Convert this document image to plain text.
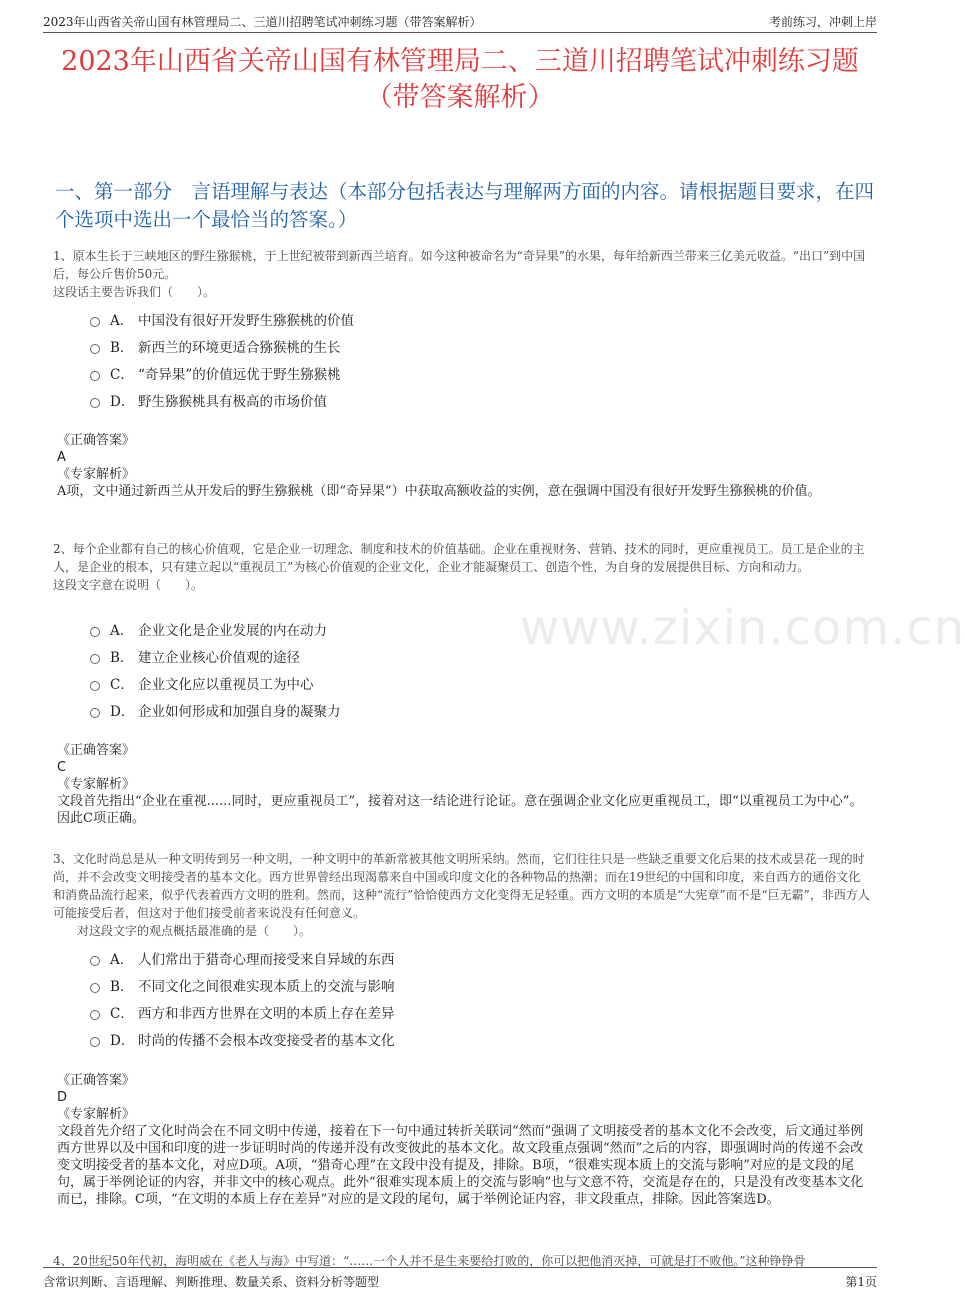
2023年山西省关帝山国有林管理局二、三道川招聘笔试冲刺练习题（带答案解析）	考前练习，冲刺上岸
2023年山西省关帝山国有林管理局二、三道川招聘笔试冲刺练习题（带答案解析）
一、第一部分　言语理解与表达（本部分包括表达与理解两方面的内容。请根据题目要求，在四个选项中选出一个最恰当的答案。）
www.zixin.com.cn
1、原本生长于三峡地区的野生猕猴桃，于上世纪被带到新西兰培育。如今这种被命名为“奇异果”的水果，每年给新西兰带来三亿美元收益。“出口”到中国后，每公斤售价50元。
这段话主要告诉我们（　　）。
A． 中国没有很好开发野生猕猴桃的价值
B． 新西兰的环境更适合猕猴桃的生长
C． “奇异果”的价值远优于野生猕猴桃
D． 野生猕猴桃具有极高的市场价值
《正确答案》
A
《专家解析》
A项，文中通过新西兰从开发后的野生猕猴桃（即“奇异果”）中获取高额收益的实例，意在强调中国没有很好开发野生猕猴桃的价值。
2、每个企业都有自己的核心价值观，它是企业一切理念、制度和技术的价值基础。企业在重视财务、营销、技术的同时，更应重视员工。员工是企业的主人，是企业的根本，只有建立起以“重视员工”为核心价值观的企业文化，企业才能凝聚员工、创造个性，为自身的发展提供目标、方向和动力。
这段文字意在说明（　　）。
A． 企业文化是企业发展的内在动力
B． 建立企业核心价值观的途径
C． 企业文化应以重视员工为中心
D． 企业如何形成和加强自身的凝聚力
《正确答案》
C
《专家解析》
文段首先指出“企业在重视......同时，更应重视员工”，接着对这一结论进行论证。意在强调企业文化应更重视员工，即“以重视员工为中心”。因此C项正确。
3、文化时尚总是从一种文明传到另一种文明，一种文明中的革新常被其他文明所采纳。然而，它们往往只是一些缺乏重要文化后果的技术或昙花一现的时尚，并不会改变文明接受者的基本文化。西方世界曾经出现渴慕来自中国或印度文化的各种物品的热潮；而在19世纪的中国和印度，来自西方的通俗文化和消费品流行起来，似乎代表着西方文明的胜利。然而，这种“流行”恰恰使西方文化变得无足轻重。西方文明的本质是“大宪章”而不是“巨无霸”，非西方人可能接受后者，但这对于他们接受前者来说没有任何意义。
对这段文字的观点概括最准确的是（　　）。
A． 人们常出于猎奇心理而接受来自异域的东西
B． 不同文化之间很难实现本质上的交流与影响
C． 西方和非西方世界在文明的本质上存在差异
D． 时尚的传播不会根本改变接受者的基本文化
《正确答案》
D
《专家解析》
文段首先介绍了文化时尚会在不同文明中传递，接着在下一句中通过转折关联词“然而”强调了文明接受者的基本文化不会改变，后文通过举例西方世界以及中国和印度的进一步证明时尚的传递并没有改变彼此的基本文化。故文段重点强调“然而”之后的内容，即强调时尚的传递不会改变文明接受者的基本文化，对应D项。A项，“猎奇心理”在文段中没有提及，排除。B项，“很难实现本质上的交流与影响”对应的是文段的尾句，属于举例论证的内容，并非文中的核心观点。此外“很难实现本质上的交流与影响”也与文意不符，交流是存在的，只是没有改变基本文化而已，排除。C项，“在文明的本质上存在差异”对应的是文段的尾句，属于举例论证内容，非文段重点，排除。因此答案选D。
4、20世纪50年代初，海明威在《老人与海》中写道：“……一个人并不是生来要给打败的，你可以把他消灭掉，可就是打不败他。”这种铮铮骨
含常识判断、言语理解、判断推理、数量关系、资料分析等题型	第1页
